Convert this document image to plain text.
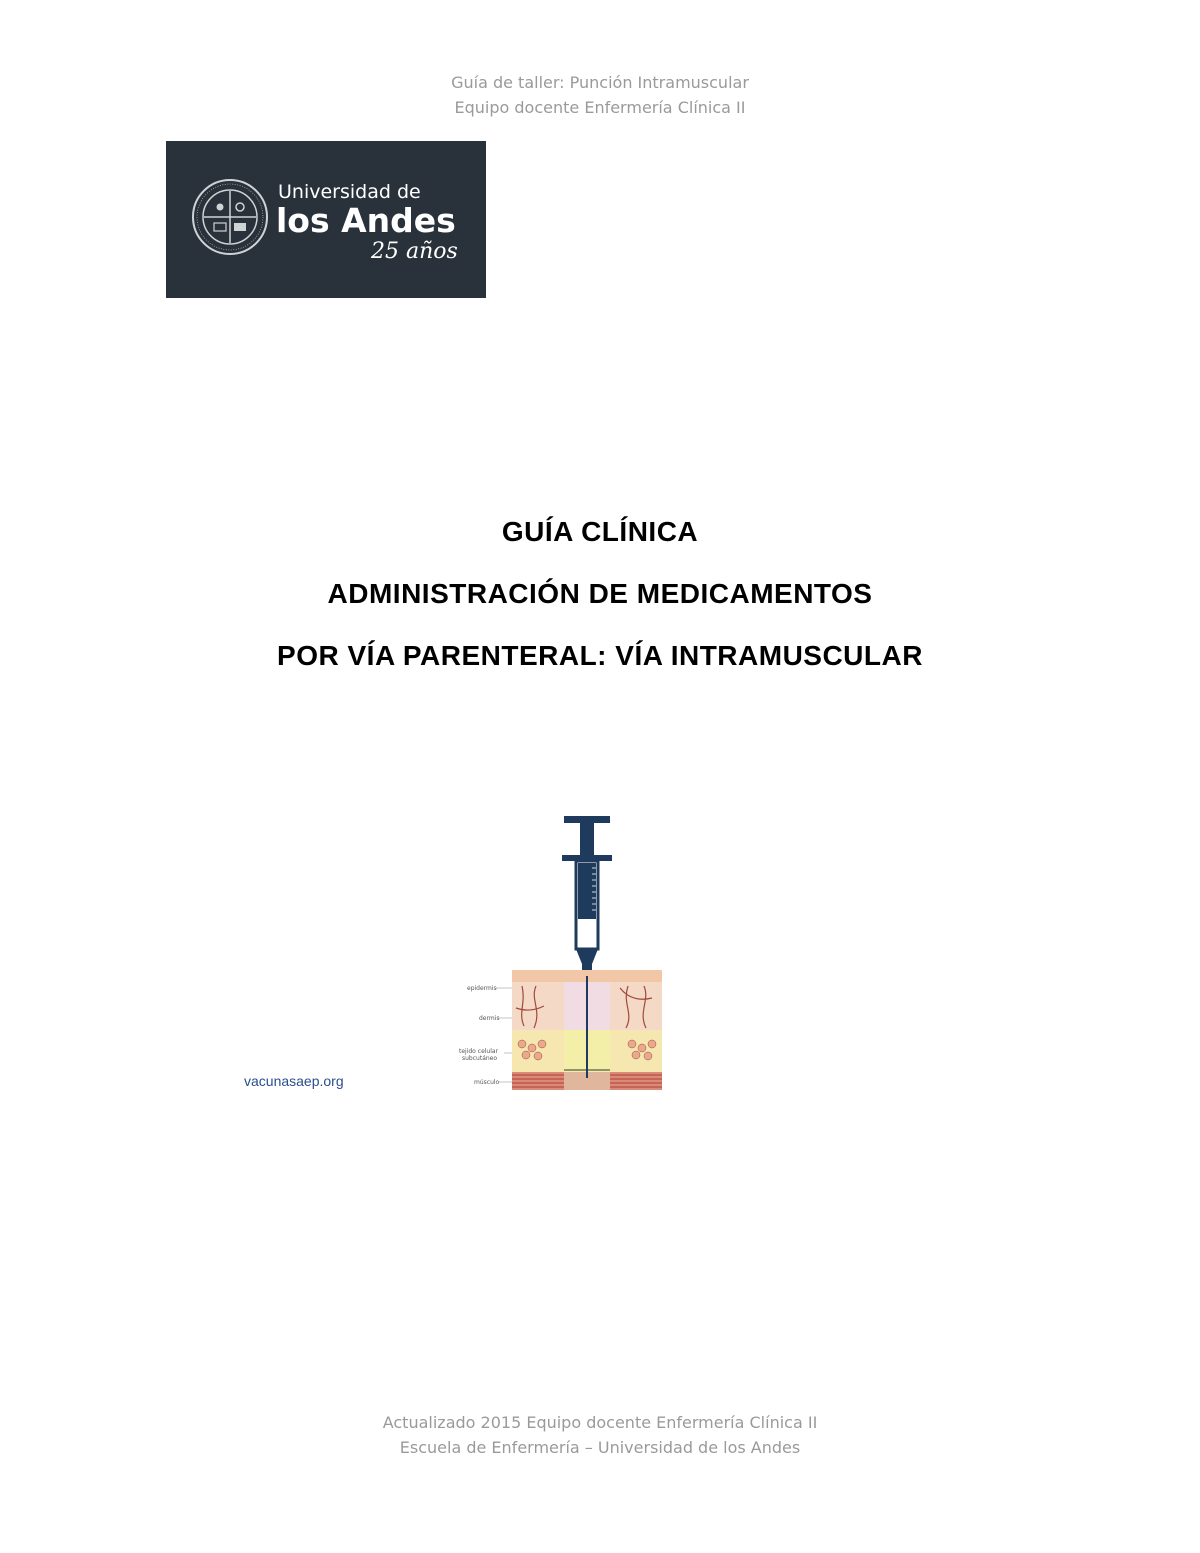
Guía de taller: Punción Intramuscular
Equipo docente Enfermería Clínica II
Universidad de
los Andes
25 años
GUÍA CLÍNICA
ADMINISTRACIÓN DE MEDICAMENTOS
POR VÍA PARENTERAL: VÍA INTRAMUSCULAR
epidermis
dermis
tejido celular
subcutáneo
músculo
vacunasaep.org
Actualizado 2015 Equipo docente Enfermería Clínica II
Escuela de Enfermería – Universidad de los Andes
